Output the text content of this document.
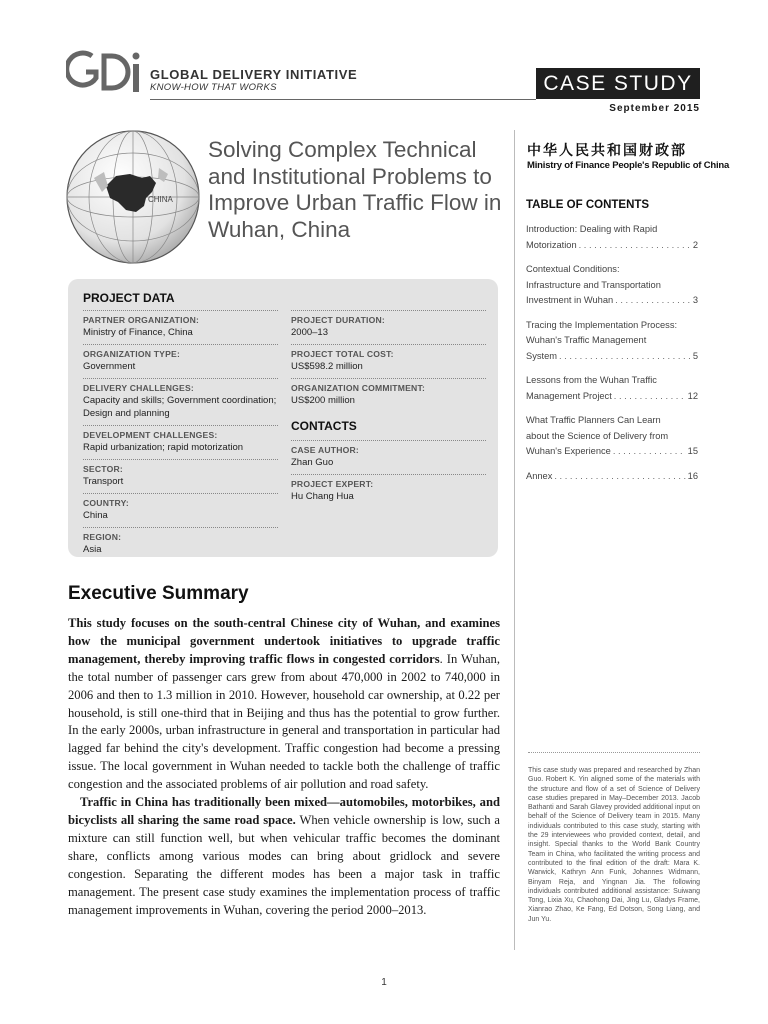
GLOBAL DELIVERY INITIATIVE
KNOW-HOW THAT WORKS	CASE STUDY
September 2015
CHINA
Solving Complex Technical and Institutional Problems to Improve Urban Traffic Flow in Wuhan, China
中华人民共和国财政部
Ministry of Finance People's Republic of China
TABLE OF CONTENTS
Introduction: Dealing with Rapid
Motorization . . .	2
Contextual Conditions:
Infrastructure and Transportation
Investment in Wuhan . . .	3
Tracing the Implementation Process:
Wuhan's Traffic Management
System . . .	5
Lessons from the Wuhan Traffic
Management Project . . .	12
What Traffic Planners Can Learn
about the Science of Delivery from
Wuhan's Experience . . .	15
Annex . . .	16
PROJECT DATA
PARTNER ORGANIZATION:
Ministry of Finance, China
ORGANIZATION TYPE:
Government
DELIVERY CHALLENGES:
Capacity and skills; Government coordination; Design and planning
DEVELOPMENT CHALLENGES:
Rapid urbanization; rapid motorization
SECTOR:
Transport
COUNTRY:
China
REGION:
Asia
PROJECT DURATION:
2000–13
PROJECT TOTAL COST:
US$598.2 million
ORGANIZATION COMMITMENT:
US$200 million
CONTACTS
CASE AUTHOR:
Zhan Guo
PROJECT EXPERT:
Hu Chang Hua
Executive Summary

This study focuses on the south-central Chinese city of Wuhan, and examines how the municipal government undertook initiatives to upgrade traffic management, thereby improving traffic flows in congested corridors. In Wuhan, the total number of passenger cars grew from about 470,000 in 2002 to 740,000 in 2006 and then to 1.3 million in 2010. However, household car ownership, at 0.22 per household, is still one-third that in Beijing and thus has the potential to grow further. In the early 2000s, urban infrastructure in general and transportation in particular had lagged far behind the city's development. Traffic congestion had become a pressing issue. The local government in Wuhan needed to tackle both the challenge of traffic congestion and the associated problems of air pollution and road safety.

Traffic in China has traditionally been mixed—automobiles, motorbikes, and bicyclists all sharing the same road space. When vehicle ownership is low, such a mixture can still function well, but when vehicular traffic becomes the dominant share, conflicts among various modes can bring about gridlock and severe congestion. Separating the different modes has been a major task in traffic management. The present case study examines the implementation process of traffic management improvements in Wuhan, covering the period 2000–2013.

This case study was prepared and researched by Zhan Guo. Robert K. Yin aligned some of the materials with the structure and flow of a set of Science of Delivery case studies prepared in May–December 2013. Jacob Bathanti and Sarah Glavey provided additional input on behalf of the Science of Delivery team in 2015. Many individuals contributed to this case study, starting with the 29 interviewees who provided context, detail, and insight. Special thanks to the World Bank Country Team in China, who facilitated the writing process and contributed to the final edition of the draft: Mara K. Warwick, Kathryn Ann Funk, Johannes Widmann, Binyam Reja, and Yingnan Jia. The following individuals contributed additional assistance: Suiwang Tong, Lixia Xu, Chaohong Dai, Jing Lu, Gladys Frame, Xianrao Zhao, Ke Fang, Ed Dotson, Song Liang, and Jun Yu.
1
